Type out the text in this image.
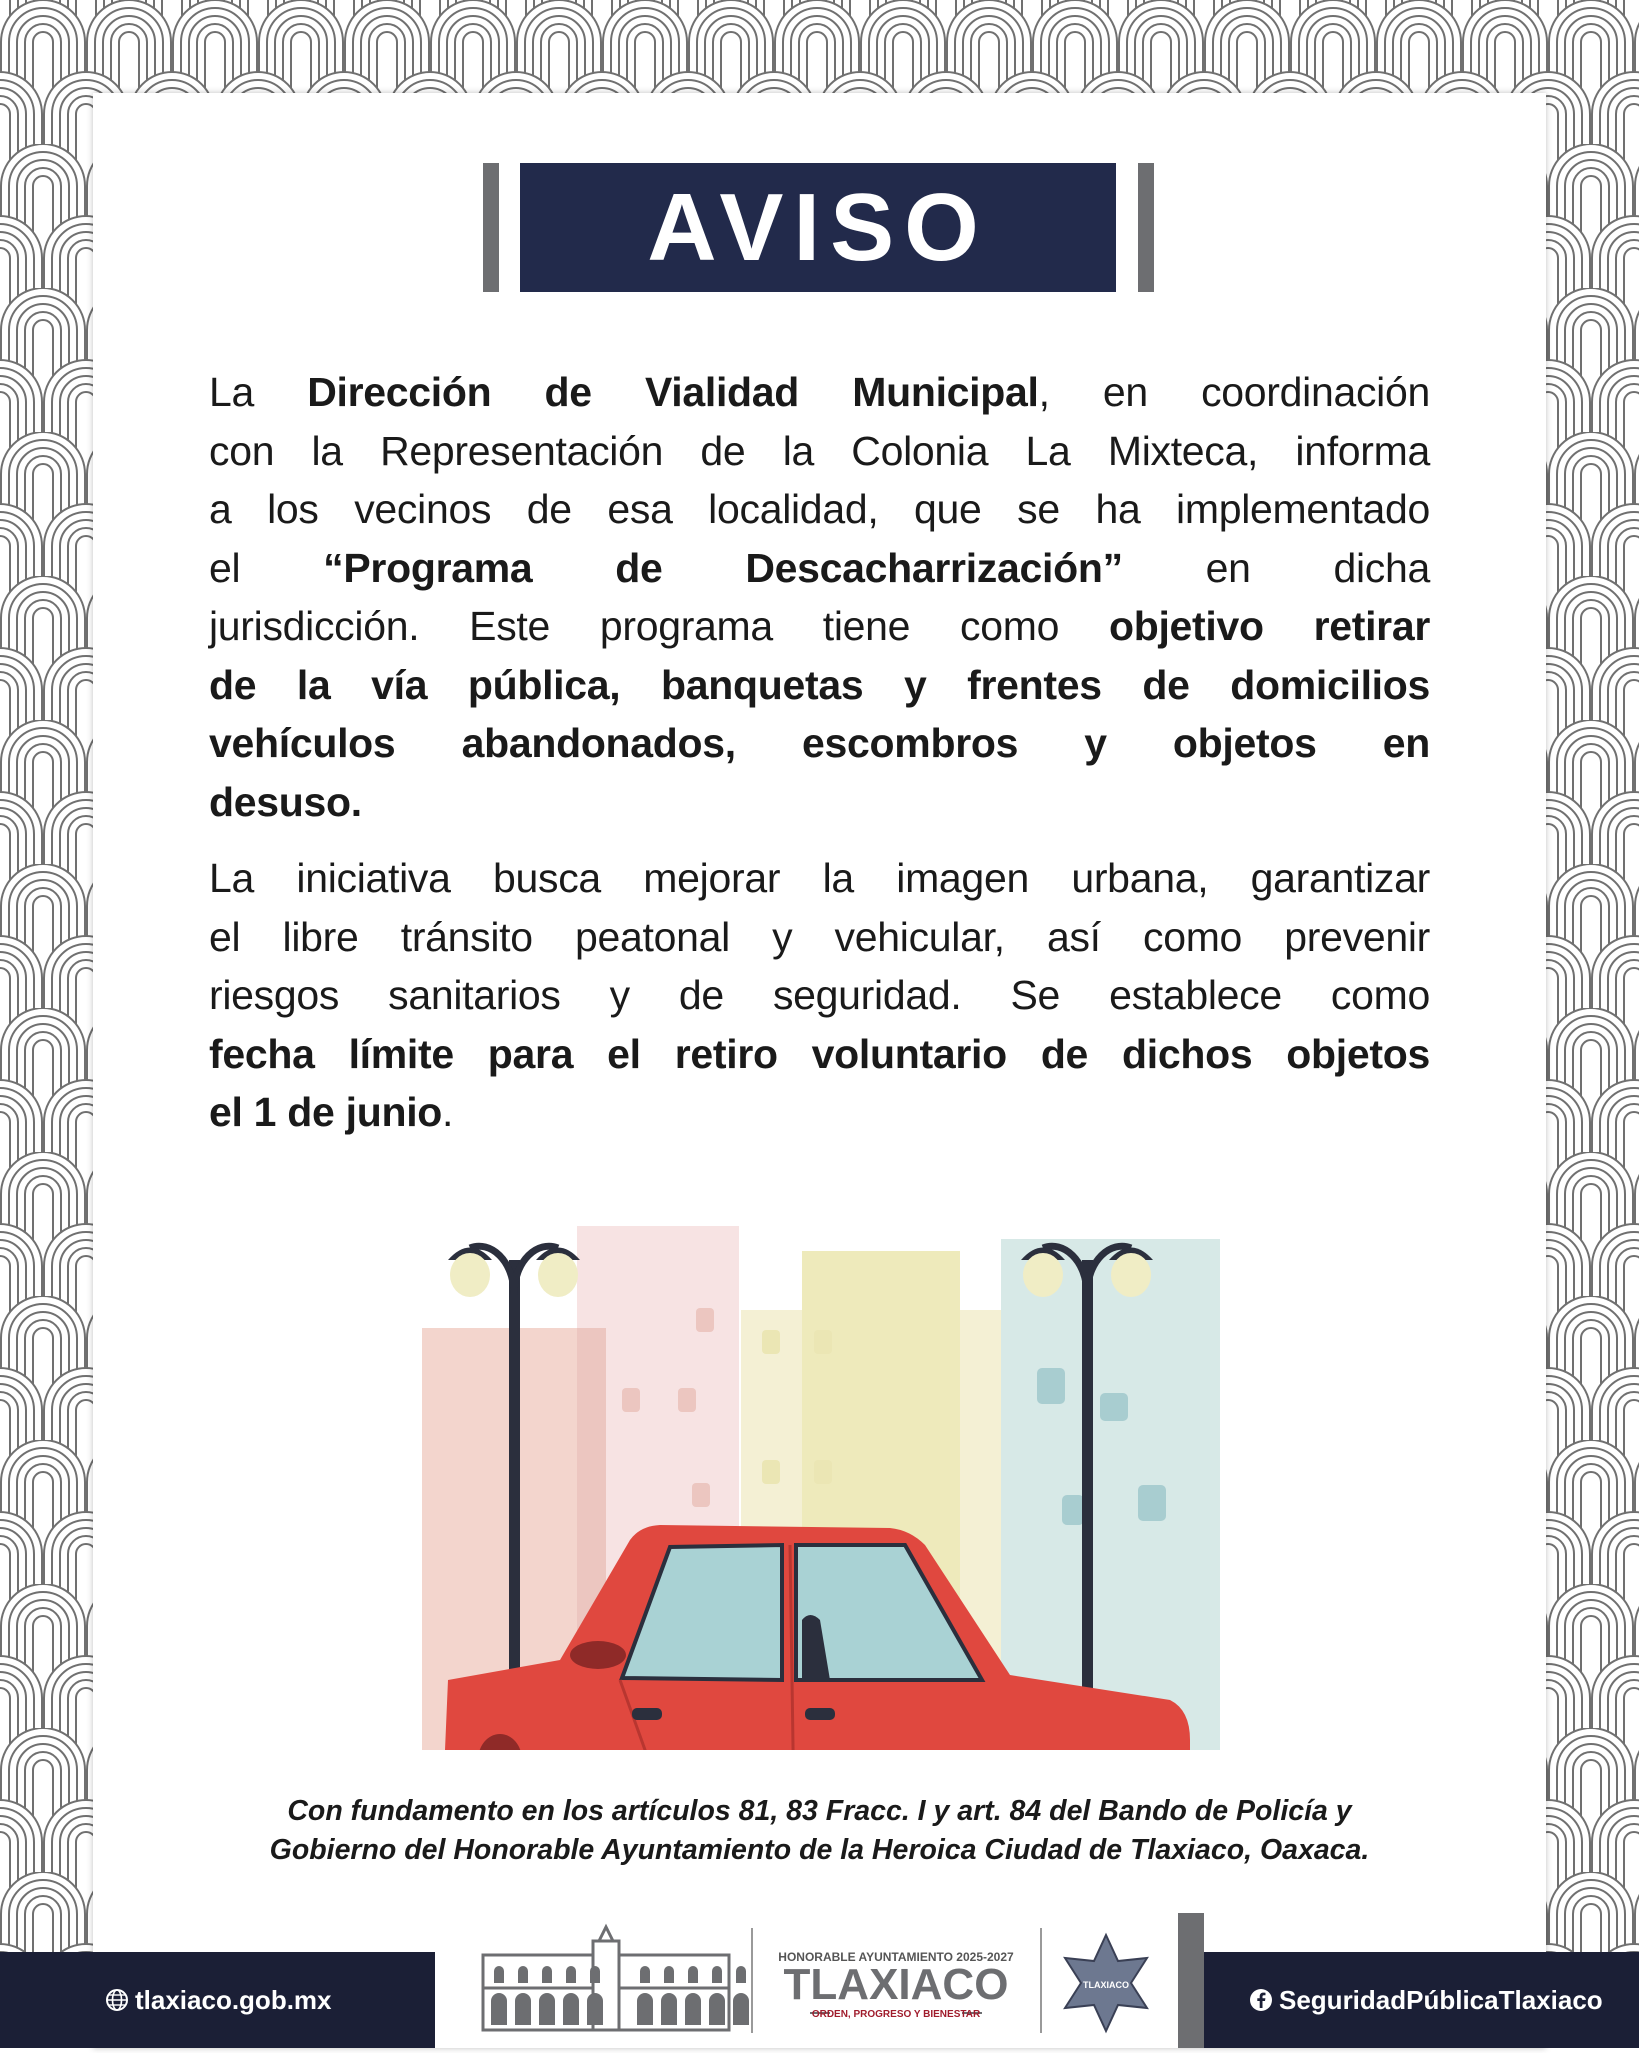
AVISO
La Dirección de Vialidad Municipal, en coordinación
con la Representación de la Colonia La Mixteca, informa
a los vecinos de esa localidad, que se ha implementado
el “Programa de Descacharrización” en dicha
jurisdicción. Este programa tiene como objetivo retirar
de la vía pública, banquetas y frentes de domicilios
vehículos abandonados, escombros y objetos en
desuso.
La iniciativa busca mejorar la imagen urbana, garantizar
el libre tránsito peatonal y vehicular, así como prevenir
riesgos sanitarios y de seguridad. Se establece como
fecha límite para el retiro voluntario de dichos objetos
el 1 de junio.
Con fundamento en los artículos 81, 83 Fracc. I y art. 84 del Bando de Policía y
Gobierno del Honorable Ayuntamiento de la Heroica Ciudad de Tlaxiaco, Oaxaca.
tlaxiaco.gob.mx
HONORABLE AYUNTAMIENTO 2025-2027
TLAXIACO
ORDEN, PROGRESO Y BIENESTAR
TLAXIACO	SeguridadPúblicaTlaxiaco
